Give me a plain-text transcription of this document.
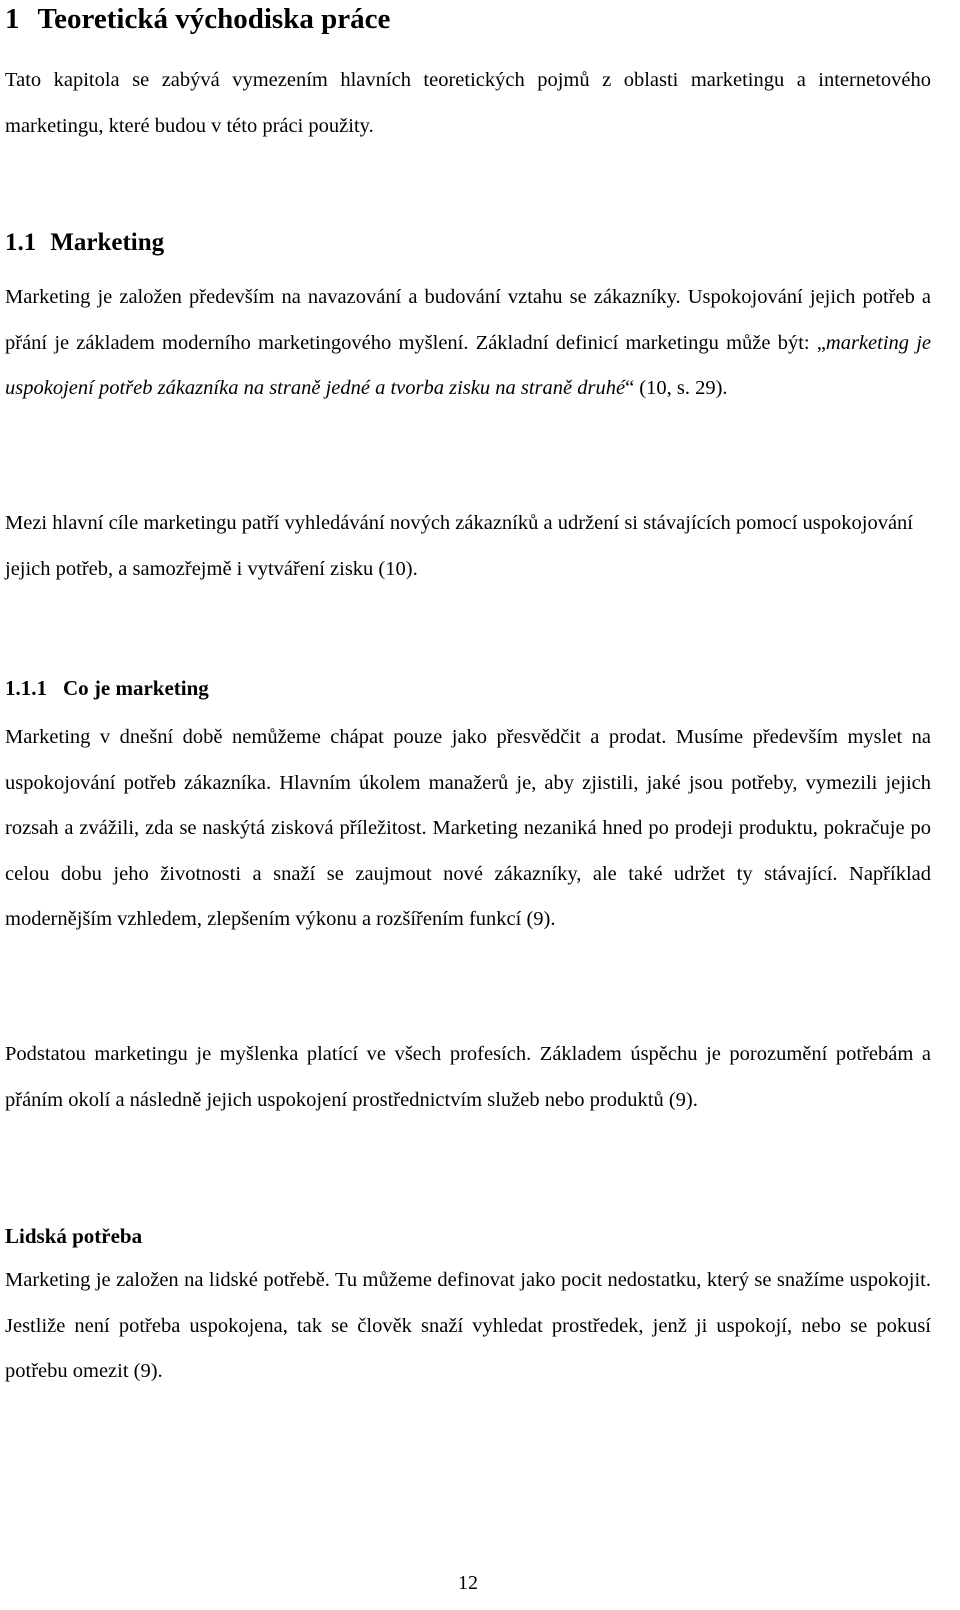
1 Teoretická východiska práce

Tato kapitola se zabývá vymezením hlavních teoretických pojmů z oblasti marketingu a internetového marketingu, které budou v této práci použity.

1.1 Marketing

Marketing je založen především na navazování a budování vztahu se zákazníky. Uspokojování jejich potřeb a přání je základem moderního marketingového myšlení. Základní definicí marketingu může být: „marketing je uspokojení potřeb zákazníka na straně jedné a tvorba zisku na straně druhé“ (10, s. 29).

Mezi hlavní cíle marketingu patří vyhledávání nových zákazníků a udržení si stávajících pomocí uspokojování jejich potřeb, a samozřejmě i vytváření zisku (10).

1.1.1 Co je marketing

Marketing v dnešní době nemůžeme chápat pouze jako přesvědčit a prodat. Musíme především myslet na uspokojování potřeb zákazníka. Hlavním úkolem manažerů je, aby zjistili, jaké jsou potřeby, vymezili jejich rozsah a zvážili, zda se naskýtá zisková příležitost. Marketing nezaniká hned po prodeji produktu, pokračuje po celou dobu jeho životnosti a snaží se zaujmout nové zákazníky, ale také udržet ty stávající. Například modernějším vzhledem, zlepšením výkonu a rozšířením funkcí (9).

Podstatou marketingu je myšlenka platící ve všech profesích. Základem úspěchu je porozumění potřebám a přáním okolí a následně jejich uspokojení prostřednictvím služeb nebo produktů (9).

Lidská potřeba

Marketing je založen na lidské potřebě. Tu můžeme definovat jako pocit nedostatku, který se snažíme uspokojit. Jestliže není potřeba uspokojena, tak se člověk snaží vyhledat prostředek, jenž ji uspokojí, nebo se pokusí potřebu omezit (9).

12
